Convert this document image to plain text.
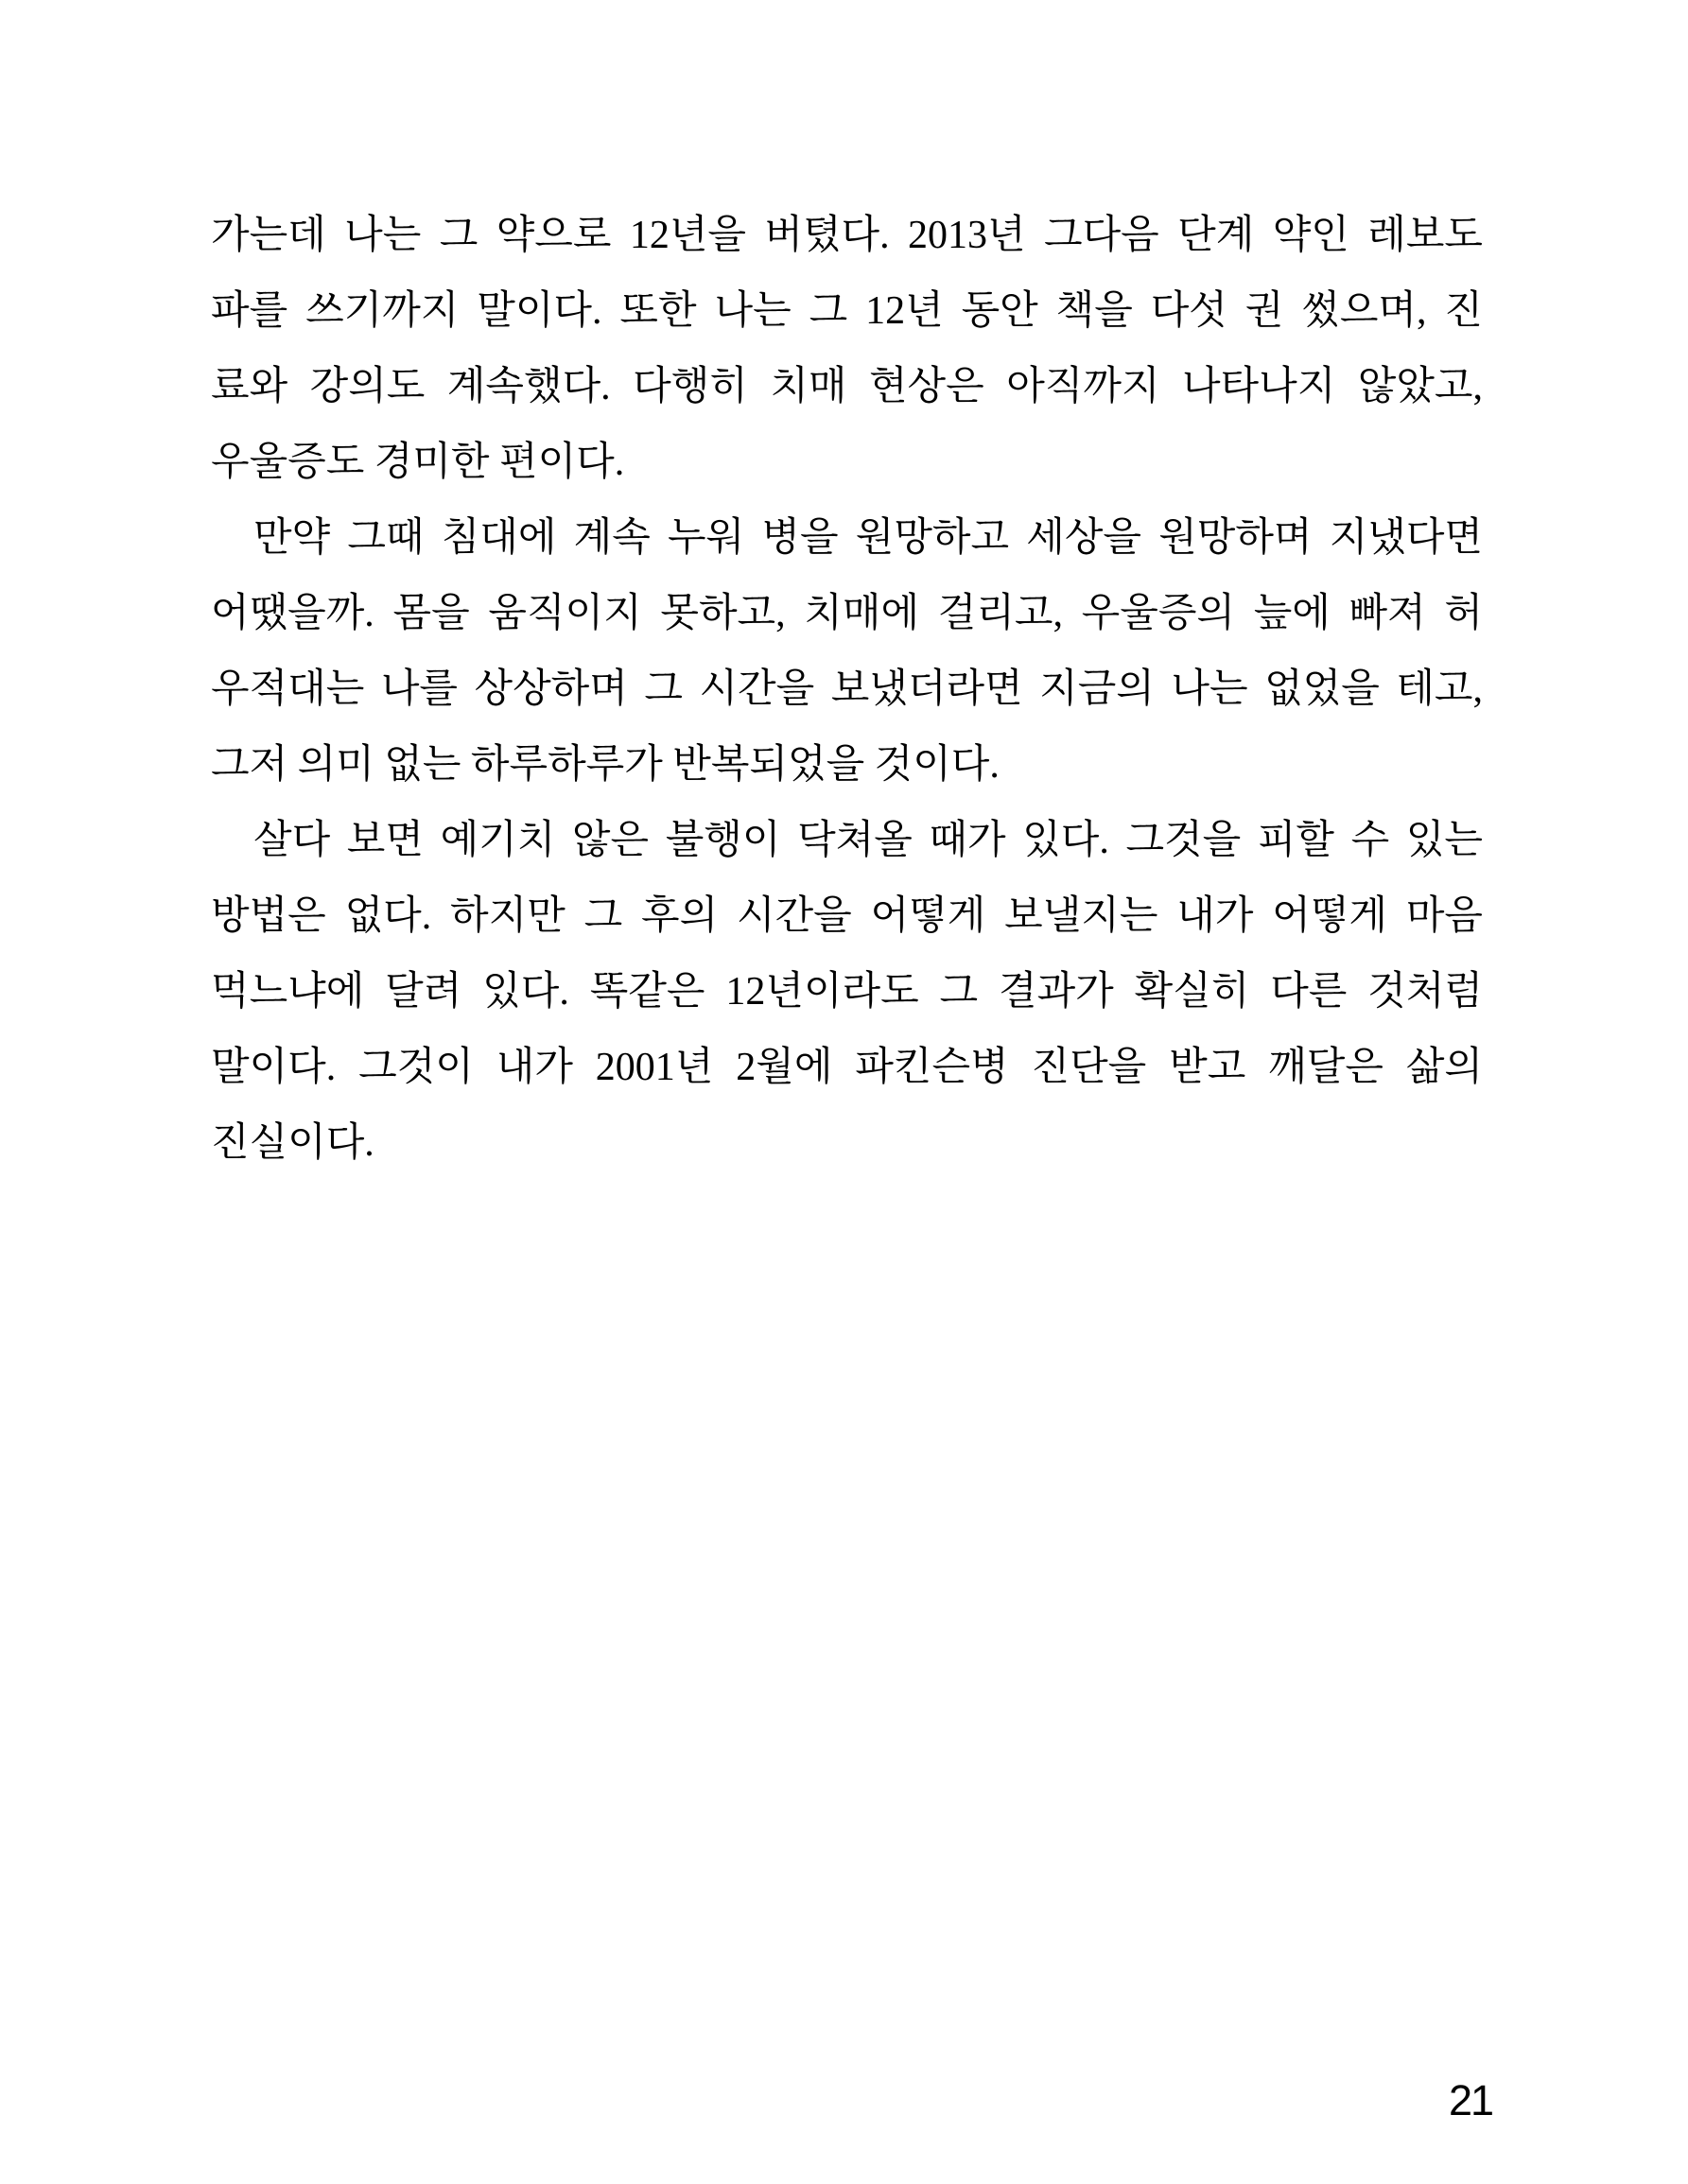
가는데 나는 그 약으로 12년을 버텼다. 2013년 그다음 단계 약인 레보도
파를 쓰기까지 말이다. 또한 나는 그 12년 동안 책을 다섯 권 썼으며, 진
료와 강의도 계속했다. 다행히 치매 현상은 아직까지 나타나지 않았고,
우울증도 경미한 편이다.
만약 그때 침대에 계속 누워 병을 원망하고 세상을 원망하며 지냈다면
어땠을까. 몸을 움직이지 못하고, 치매에 걸리고, 우울증의 늪에 빠져 허
우적대는 나를 상상하며 그 시간을 보냈더라면 지금의 나는 없었을 테고,
그저 의미 없는 하루하루가 반복되었을 것이다.
살다 보면 예기치 않은 불행이 닥쳐올 때가 있다. 그것을 피할 수 있는
방법은 없다. 하지만 그 후의 시간을 어떻게 보낼지는 내가 어떻게 마음
먹느냐에 달려 있다. 똑같은 12년이라도 그 결과가 확실히 다른 것처럼
말이다. 그것이 내가 2001년 2월에 파킨슨병 진단을 받고 깨달은 삶의
진실이다.
21
